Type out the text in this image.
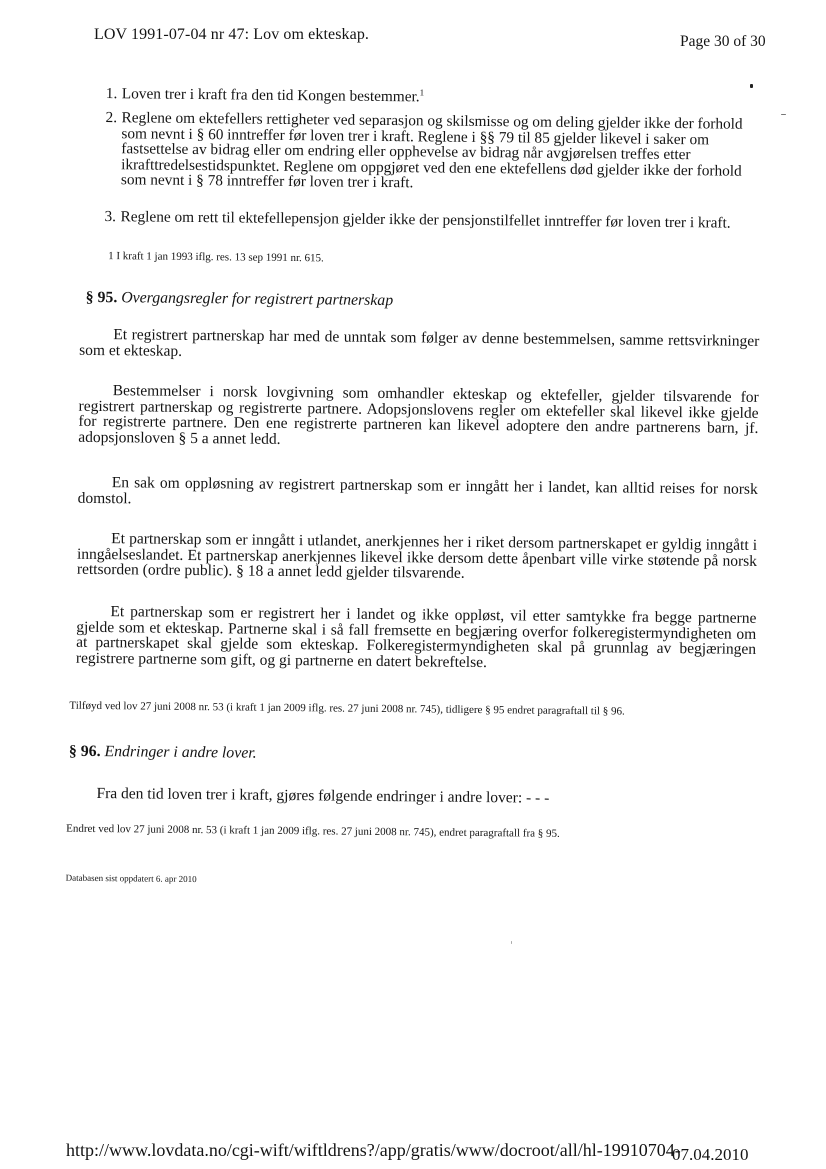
LOV 1991-07-04 nr 47: Lov om ekteskap.	Page 30 of 30
1. Loven trer i kraft fra den tid Kongen bestemmer.$^1$
2. Reglene om ektefellers rettigheter ved separasjon og skilsmisse og om deling gjelder ikke der forhold som nevnt i § 60 inntreffer før loven trer i kraft. Reglene i §§ 79 til 85 gjelder likevel i saker om fastsettelse av bidrag eller om endring eller opphevelse av bidrag når avgjørelsen treffes etter ikrafttredelsestidspunktet. Reglene om oppgjøret ved den ene ektefellens død gjelder ikke der forhold som nevnt i § 78 inntreffer før loven trer i kraft.
3. Reglene om rett til ektefellepensjon gjelder ikke der pensjonstilfellet inntreffer før loven trer i kraft.
1 I kraft 1 jan 1993 iflg. res. 13 sep 1991 nr. 615.
§ 95. Overgangsregler for registrert partnerskap
Et registrert partnerskap har med de unntak som følger av denne bestemmelsen, samme rettsvirkninger som et ekteskap.
Bestemmelser i norsk lovgivning som omhandler ekteskap og ektefeller, gjelder tilsvarende for registrert partnerskap og registrerte partnere. Adopsjonslovens regler om ektefeller skal likevel ikke gjelde for registrerte partnere. Den ene registrerte partneren kan likevel adoptere den andre partnerens barn, jf. adopsjonsloven § 5 a annet ledd.
En sak om oppløsning av registrert partnerskap som er inngått her i landet, kan alltid reises for norsk domstol.
Et partnerskap som er inngått i utlandet, anerkjennes her i riket dersom partnerskapet er gyldig inngått i inngåelseslandet. Et partnerskap anerkjennes likevel ikke dersom dette åpenbart ville virke støtende på norsk rettsorden (ordre public). § 18 a annet ledd gjelder tilsvarende.
Et partnerskap som er registrert her i landet og ikke oppløst, vil etter samtykke fra begge partnerne gjelde som et ekteskap. Partnerne skal i så fall fremsette en begjæring overfor folkeregistermyndigheten om at partnerskapet skal gjelde som ekteskap. Folkeregistermyndigheten skal på grunnlag av begjæringen registrere partnerne som gift, og gi partnerne en datert bekreftelse.
Tilføyd ved lov 27 juni 2008 nr. 53 (i kraft 1 jan 2009 iflg. res. 27 juni 2008 nr. 745), tidligere § 95 endret paragraftall til § 96.
§ 96. Endringer i andre lover.
Fra den tid loven trer i kraft, gjøres følgende endringer i andre lover: - - -
Endret ved lov 27 juni 2008 nr. 53 (i kraft 1 jan 2009 iflg. res. 27 juni 2008 nr. 745), endret paragraftall fra § 95.
Databasen sist oppdatert 6. apr 2010
http://www.lovdata.no/cgi-wift/wiftldrens?/app/gratis/www/docroot/all/hl-19910704-
07.04.2010
